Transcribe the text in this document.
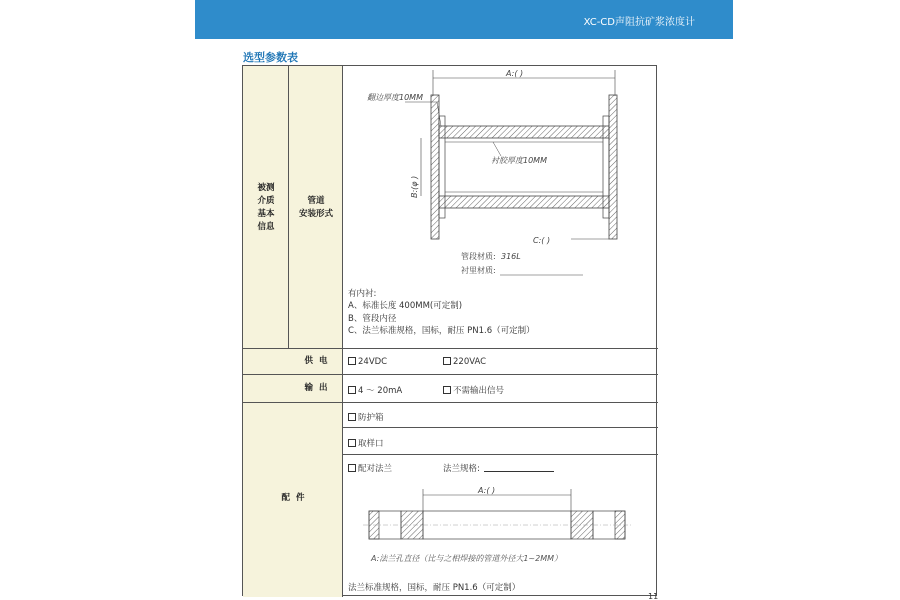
XC-CD声阻抗矿浆浓度计
选型参数表
被测
介质
基本
信息
管道
安装形式
A:( )
B:(φ )
翻边厚度10MM
衬胶厚度10MM
C:( )
管段材质: 316L
衬里材质:
有内衬:
A、标准长度 400MM(可定制)
B、管段内径
C、法兰标准规格，国标，耐压 PN1.6（可定制）
供  电	24VDC	220VAC
输  出	4 ～ 20mA	不需输出信号
配  件
防护箱
取样口
配对法兰	法兰规格:
A:( )
A:法兰孔直径（比与之相焊接的管道外径大1~2MM）
法兰标准规格，国标，耐压 PN1.6（可定制）
11
